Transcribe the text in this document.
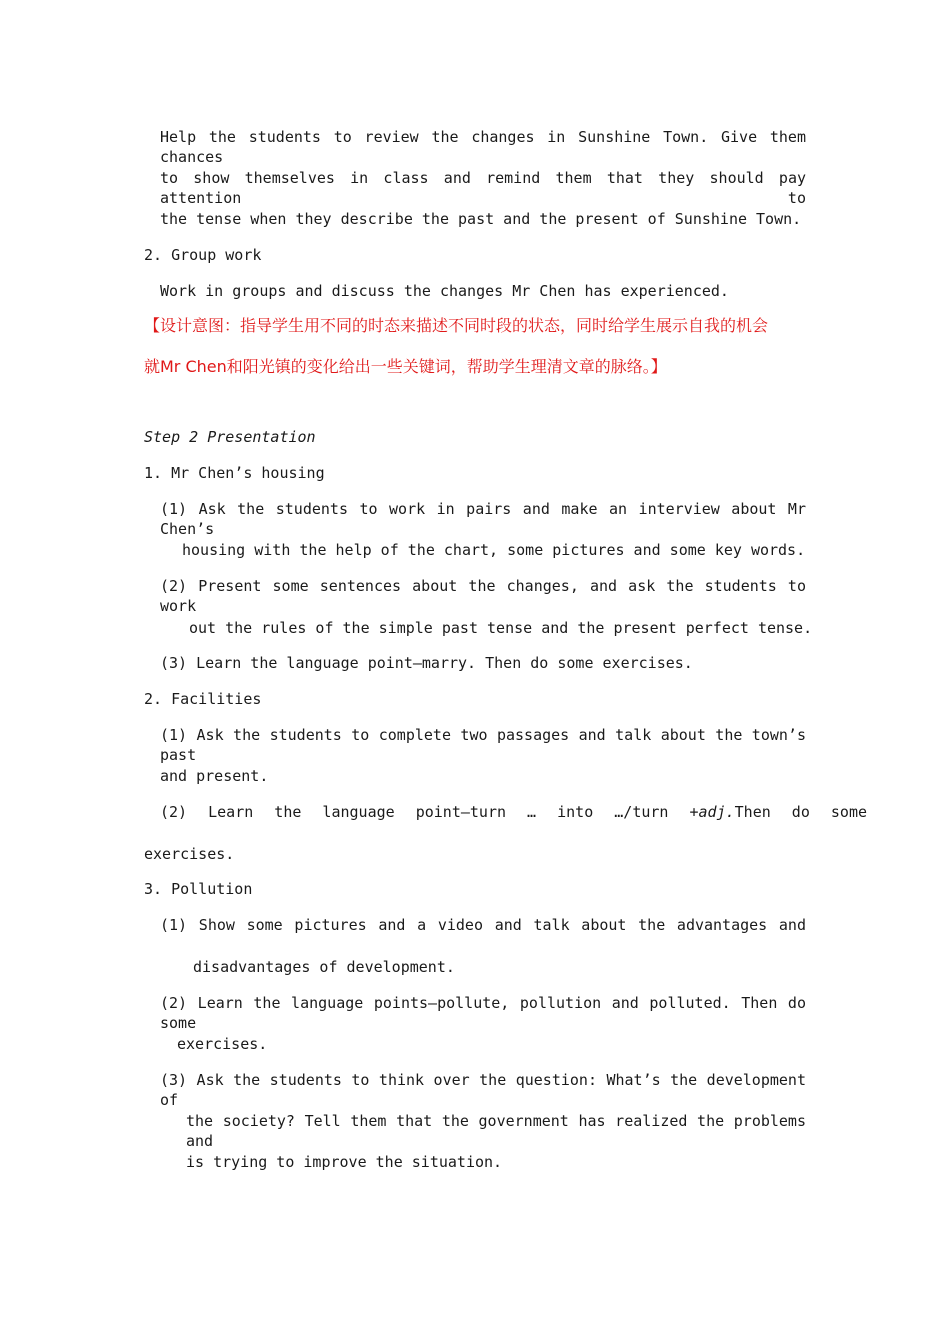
Help the students to review the changes in Sunshine Town. Give them chances
to show themselves in class and remind them that they should pay attention to
the tense when they describe the past and the present of Sunshine Town.
2. Group work
Work in groups and discuss the changes Mr Chen has experienced.
【设计意图：指导学生用不同的时态来描述不同时段的状态，同时给学生展示自我的机会
就Mr Chen和阳光镇的变化给出一些关键词，帮助学生理清文章的脉络。】
Step 2 Presentation
1. Mr Chen’s housing
(1) Ask the students to work in pairs and make an interview about Mr Chen’s
housing with the help of the chart, some pictures and some key words.
(2) Present some sentences about the changes, and ask the students to work
out the rules of the simple past tense and the present perfect tense.
(3) Learn the language point—marry. Then do some exercises.
2. Facilities
(1) Ask the students to complete two passages and talk about the town’s past
and present.
(2) Learn the language point—turn … into …/turn + adj. Then do some
exercises.
3. Pollution
(1) Show some pictures and a video and talk about the advantages and
disadvantages of development.
(2) Learn the language points—pollute, pollution and polluted. Then do some
exercises.
(3) Ask the students to think over the question: What’s the development of
the society? Tell them that the government has realized the problems and
is trying to improve the situation.
